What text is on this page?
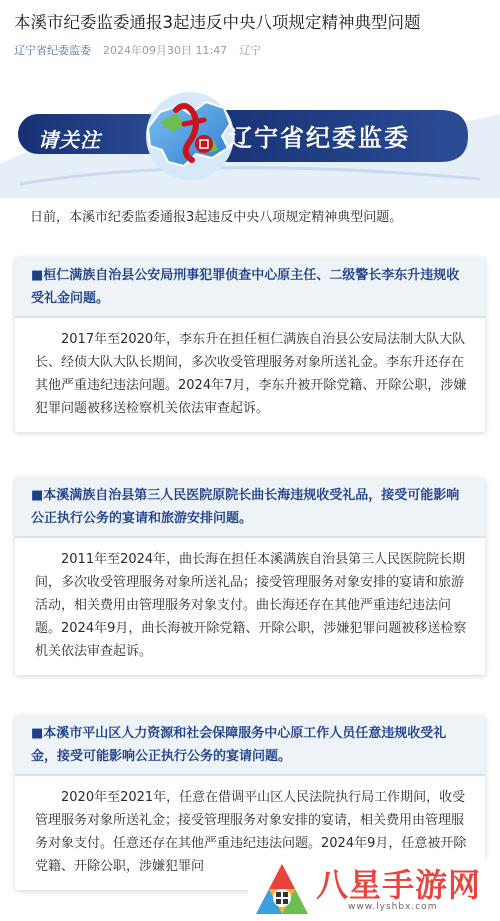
本溪市纪委监委通报3起违反中央八项规定精神典型问题
辽宁省纪委监委 2024年09月30日 11:47 辽宁
请关注	辽宁省纪委监委
日前，本溪市纪委监委通报3起违反中央八项规定精神典型问题。
■桓仁满族自治县公安局刑事犯罪侦查中心原主任、二级警长李东升违规收受礼金问题。
2017年至2020年，李东升在担任桓仁满族自治县公安局法制大队大队长、经侦大队大队长期间，多次收受管理服务对象所送礼金。李东升还存在其他严重违纪违法问题。2024年7月，李东升被开除党籍、开除公职，涉嫌犯罪问题被移送检察机关依法审查起诉。
■本溪满族自治县第三人民医院原院长曲长海违规收受礼品，接受可能影响公正执行公务的宴请和旅游安排问题。
2011年至2024年，曲长海在担任本溪满族自治县第三人民医院院长期间，多次收受管理服务对象所送礼品；接受管理服务对象安排的宴请和旅游活动，相关费用由管理服务对象支付。曲长海还存在其他严重违纪违法问题。2024年9月，曲长海被开除党籍、开除公职，涉嫌犯罪问题被移送检察机关依法审查起诉。
■本溪市平山区人力资源和社会保障服务中心原工作人员任意违规收受礼金，接受可能影响公正执行公务的宴请问题。
2020年至2021年，任意在借调平山区人民法院执行局工作期间，收受管理服务对象所送礼金；接受管理服务对象安排的宴请，相关费用由管理服务对象支付。任意还存在其他严重违纪违法问题。2024年9月，任意被开除党籍、开除公职，涉嫌犯罪问	八星手游网
www.lyshbx.com
